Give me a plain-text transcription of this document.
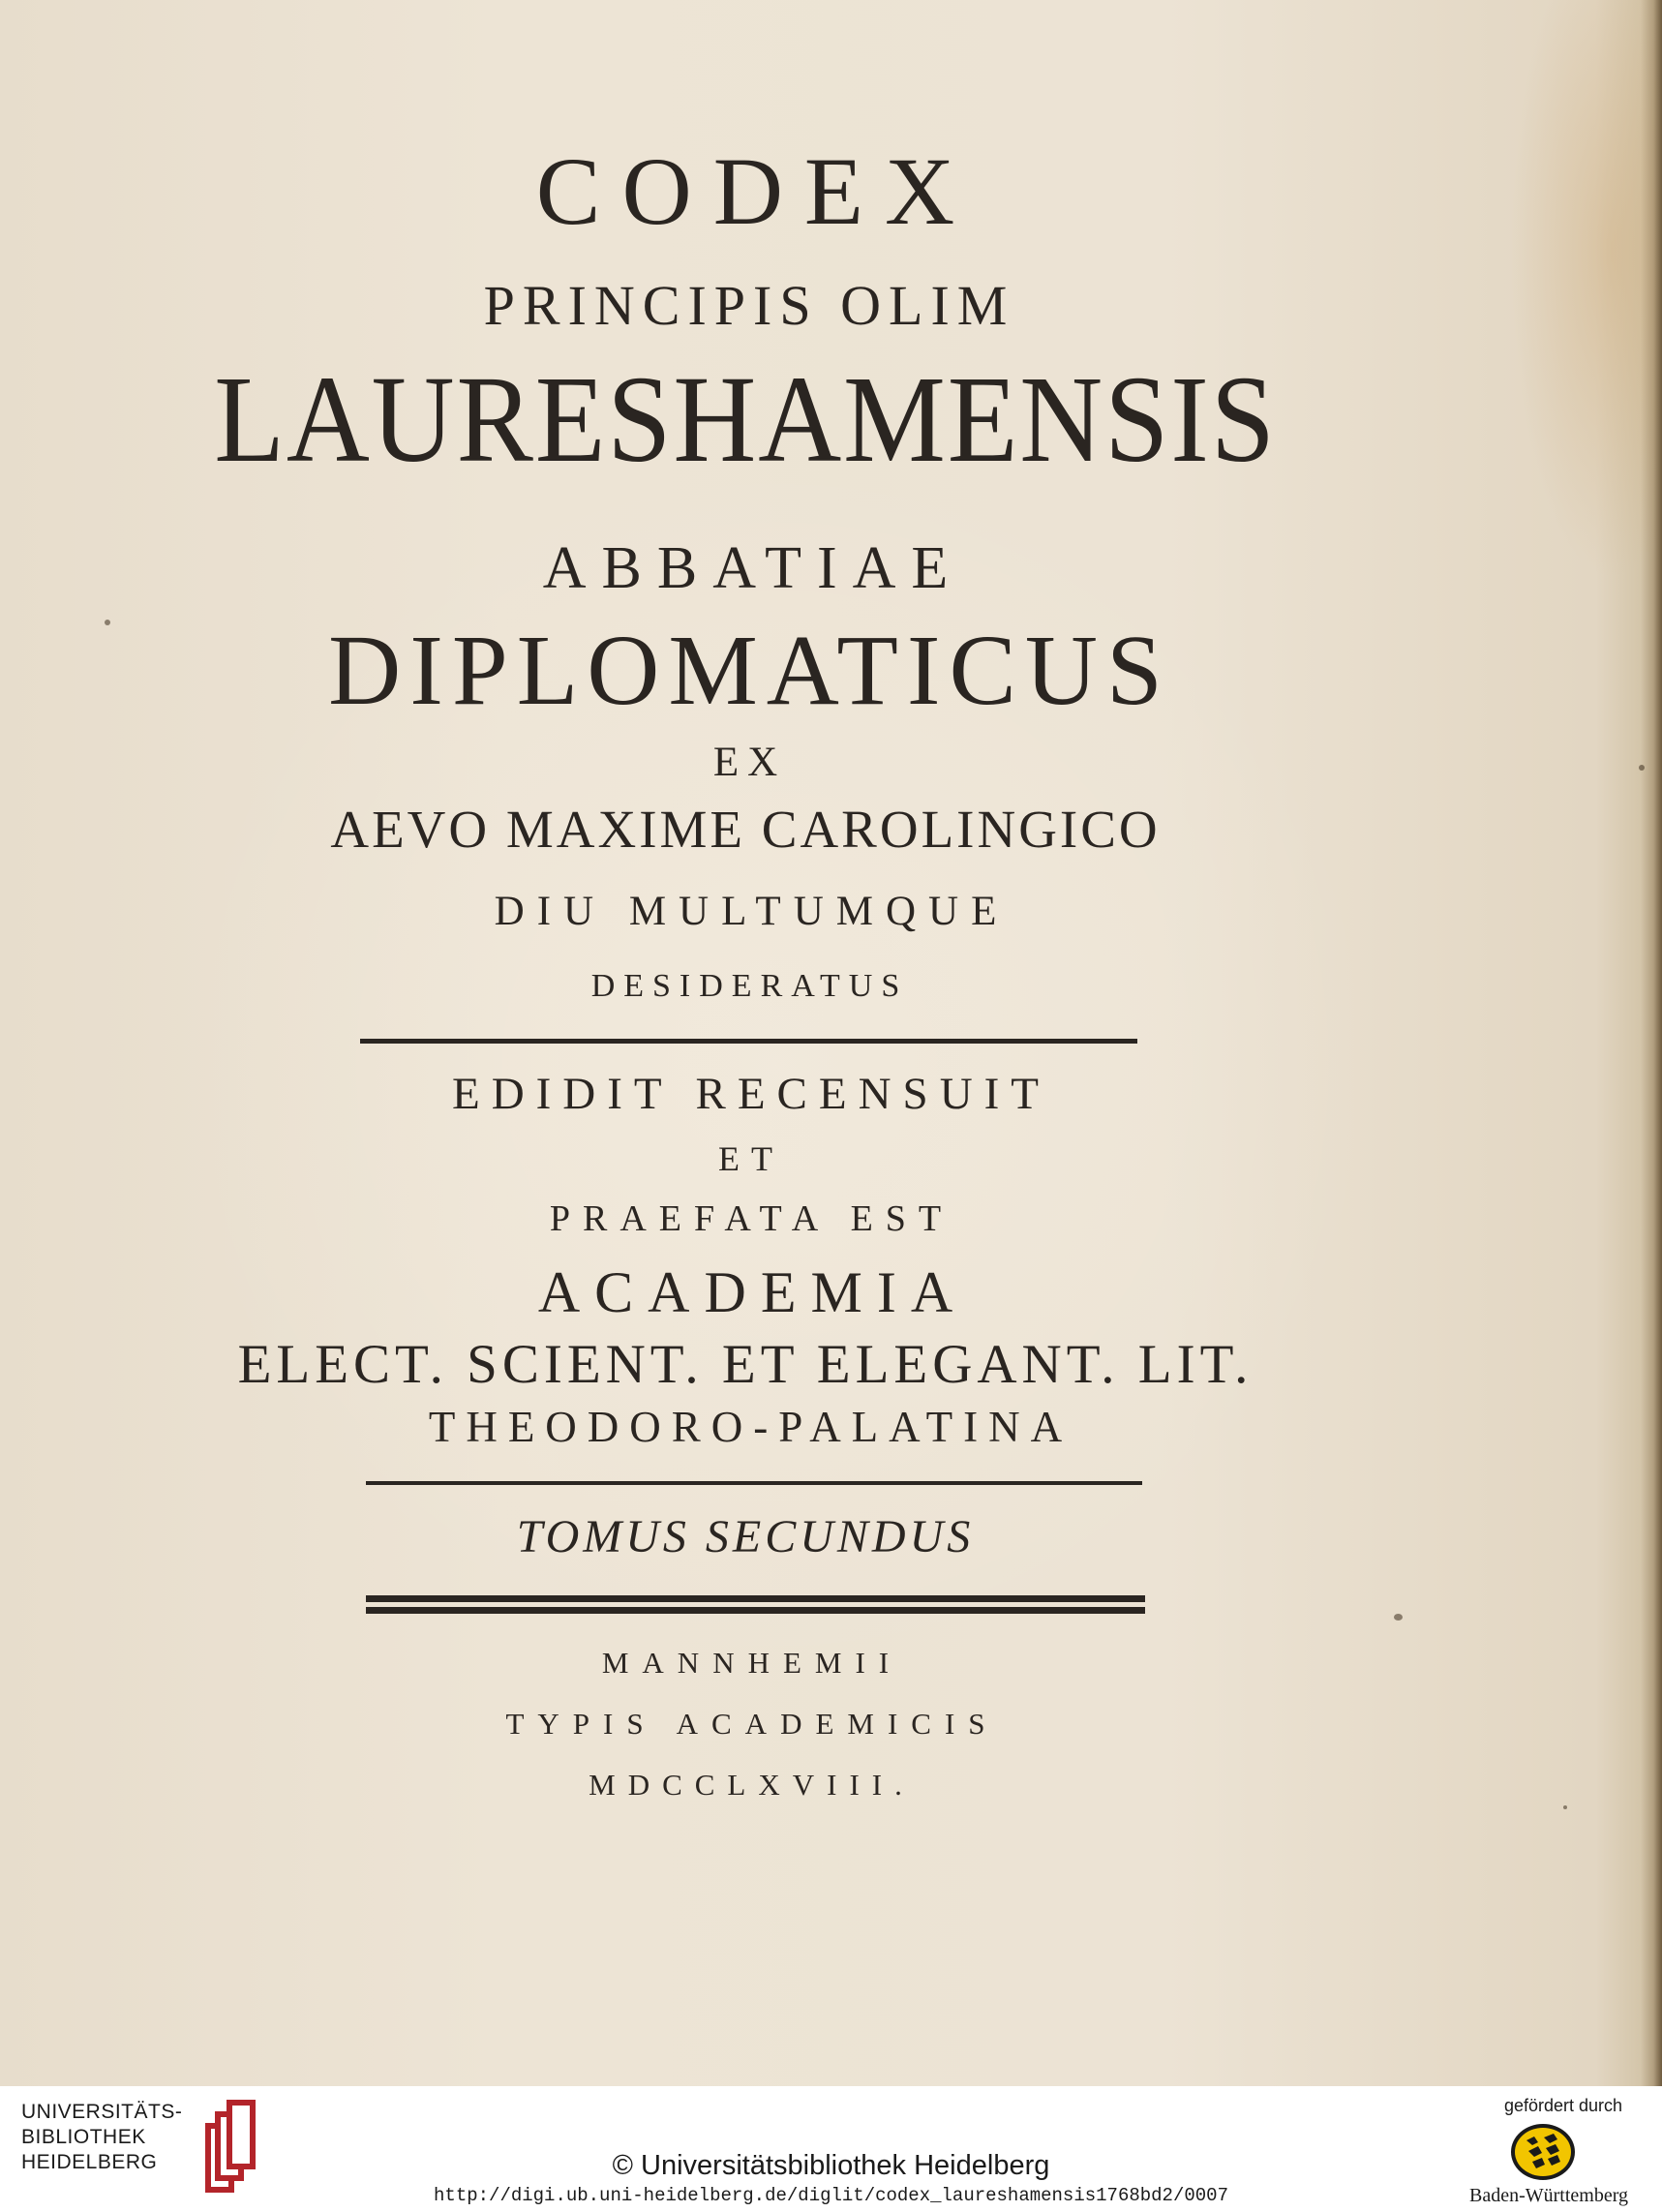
CODEX
PRINCIPIS OLIM
LAURESHAMENSIS
ABBATIAE
DIPLOMATICUS
EX
AEVO MAXIME CAROLINGICO
DIU MULTUMQUE
DESIDERATUS
EDIDIT RECENSUIT
ET
PRAEFATA EST
ACADEMIA
ELECT. SCIENT. ET ELEGANT. LIT.
THEODORO-PALATINA
TOMUS SECUNDUS
MANNHEMII
TYPIS ACADEMICIS
MDCCLXVIII.
UNIVERSITÄTS-
BIBLIOTHEK
HEIDELBERG	© Universitätsbibliothek Heidelberg
http://digi.ub.uni-heidelberg.de/diglit/codex_laureshamensis1768bd2/0007
gefördert durch
Baden-Württemberg
